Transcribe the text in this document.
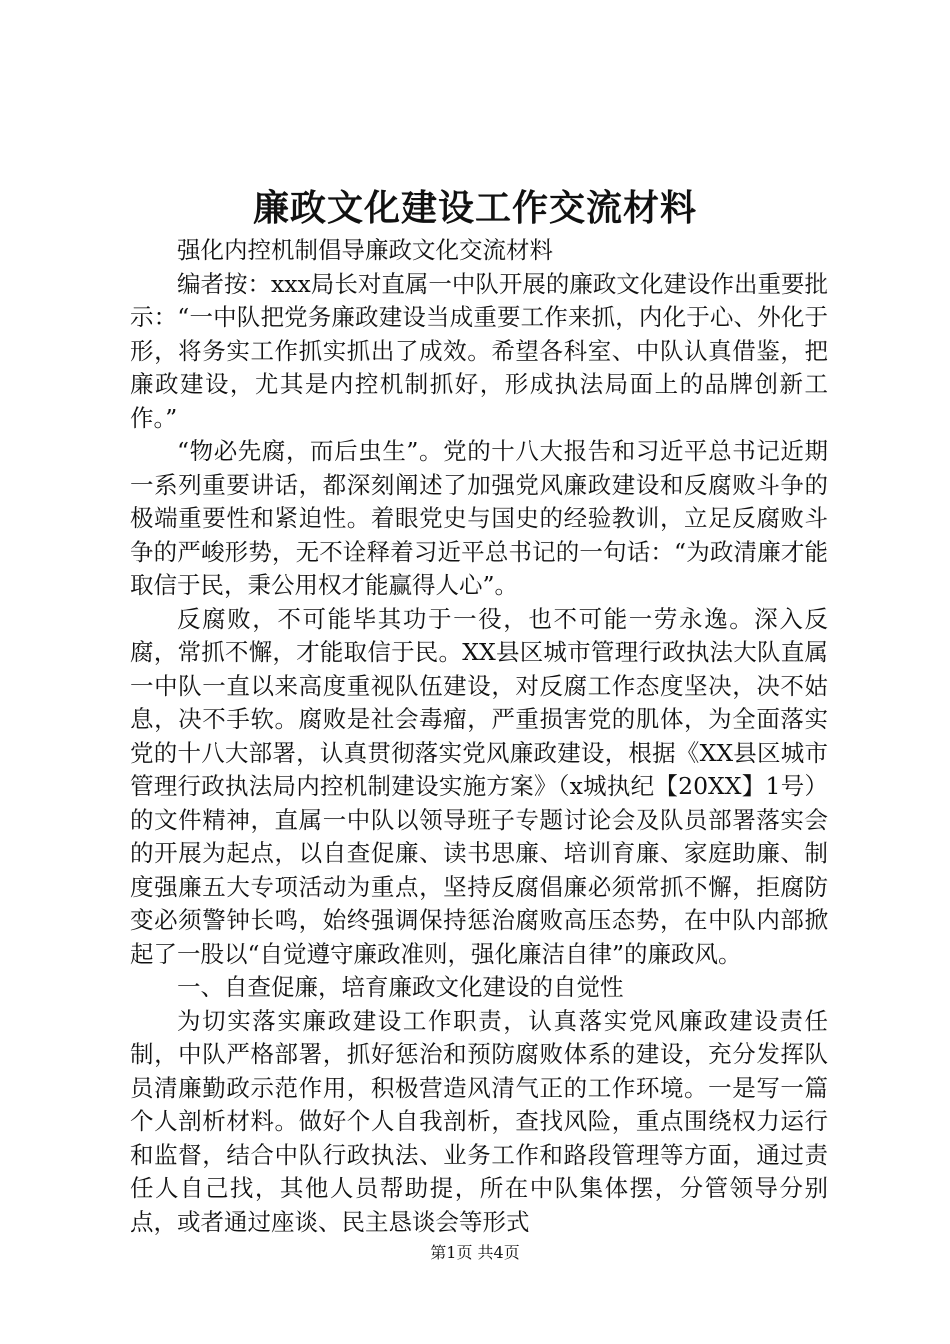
廉政文化建设工作交流材料

强化内控机制倡导廉政文化交流材料

编者按：xxx局长对直属一中队开展的廉政文化建设作出重要批示：“一中队把党务廉政建设当成重要工作来抓，内化于心、外化于形，将务实工作抓实抓出了成效。希望各科室、中队认真借鉴，把廉政建设，尤其是内控机制抓好，形成执法局面上的品牌创新工作。”

“物必先腐，而后虫生”。党的十八大报告和习近平总书记近期一系列重要讲话，都深刻阐述了加强党风廉政建设和反腐败斗争的极端重要性和紧迫性。着眼党史与国史的经验教训，立足反腐败斗争的严峻形势，无不诠释着习近平总书记的一句话：“为政清廉才能取信于民，秉公用权才能赢得人心”。

反腐败，不可能毕其功于一役，也不可能一劳永逸。深入反腐，常抓不懈，才能取信于民。XX县区城市管理行政执法大队直属一中队一直以来高度重视队伍建设，对反腐工作态度坚决，决不姑息，决不手软。腐败是社会毒瘤，严重损害党的肌体，为全面落实党的十八大部署，认真贯彻落实党风廉政建设，根据《XX县区城市管理行政执法局内控机制建设实施方案》（x城执纪【20XX】1号）的文件精神，直属一中队以领导班子专题讨论会及队员部署落实会的开展为起点，以自查促廉、读书思廉、培训育廉、家庭助廉、制度强廉五大专项活动为重点，坚持反腐倡廉必须常抓不懈，拒腐防变必须警钟长鸣，始终强调保持惩治腐败高压态势，在中队内部掀起了一股以“自觉遵守廉政准则，强化廉洁自律”的廉政风。

一、自查促廉，培育廉政文化建设的自觉性

为切实落实廉政建设工作职责，认真落实党风廉政建设责任制，中队严格部署，抓好惩治和预防腐败体系的建设，充分发挥队员清廉勤政示范作用，积极营造风清气正的工作环境。一是写一篇个人剖析材料。做好个人自我剖析，查找风险，重点围绕权力运行和监督，结合中队行政执法、业务工作和路段管理等方面，通过责任人自己找，其他人员帮助提，所在中队集体摆，分管领导分别点，或者通过座谈、民主恳谈会等形式

第1页 共4页
